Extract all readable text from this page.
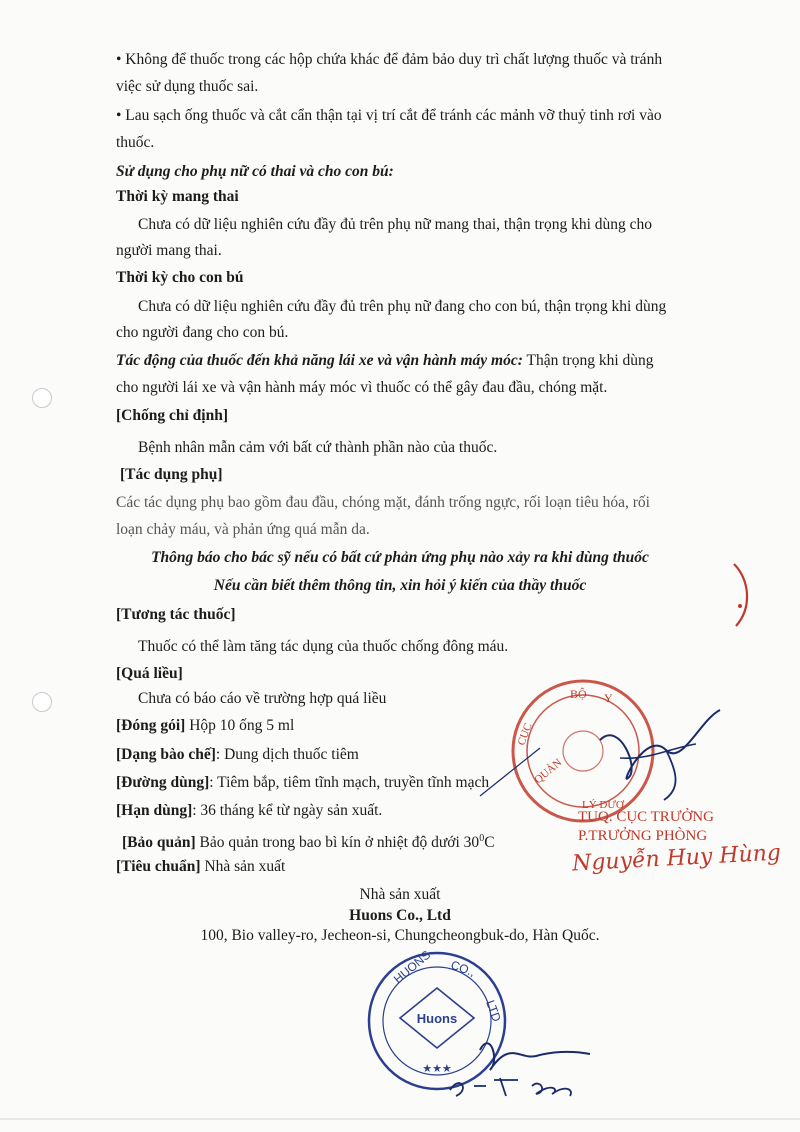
• Không để thuốc trong các hộp chứa khác để đảm bảo duy trì chất lượng thuốc và tránh
việc sử dụng thuốc sai.
• Lau sạch ống thuốc và cắt cẩn thận tại vị trí cắt để tránh các mảnh vỡ thuỷ tinh rơi vào
thuốc.
Sử dụng cho phụ nữ có thai và cho con bú:
Thời kỳ mang thai
Chưa có dữ liệu nghiên cứu đầy đủ trên phụ nữ mang thai, thận trọng khi dùng cho
người mang thai.
Thời kỳ cho con bú
Chưa có dữ liệu nghiên cứu đầy đủ trên phụ nữ đang cho con bú, thận trọng khi dùng
cho người đang cho con bú.
Tác động của thuốc đến khả năng lái xe và vận hành máy móc: Thận trọng khi dùng
cho người lái xe và vận hành máy móc vì thuốc có thể gây đau đầu, chóng mặt.
[Chống chỉ định]
Bệnh nhân mẫn cảm với bất cứ thành phần nào của thuốc.
[Tác dụng phụ]
Các tác dụng phụ bao gồm đau đầu, chóng mặt, đánh trống ngực, rối loạn tiêu hóa, rối
loạn chảy máu, và phản ứng quá mẫn da.
Thông báo cho bác sỹ nếu có bất cứ phản ứng phụ nào xảy ra khi dùng thuốc
Nếu cần biết thêm thông tin, xin hỏi ý kiến của thầy thuốc
[Tương tác thuốc]
Thuốc có thể làm tăng tác dụng của thuốc chống đông máu.
[Quá liều]
Chưa có báo cáo về trường hợp quá liều
[Đóng gói] Hộp 10 ống 5 ml
[Dạng bào chế]: Dung dịch thuốc tiêm
[Đường dùng]: Tiêm bắp, tiêm tĩnh mạch, truyền tĩnh mạch
[Hạn dùng]: 36 tháng kể từ ngày sản xuất.
[Bảo quản] Bảo quản trong bao bì kín ở nhiệt độ dưới $30^0C$
[Tiêu chuẩn] Nhà sản xuất
Nhà sản xuất
Huons Co., Ltd
100, Bio valley-ro, Jecheon-si, Chungcheongbuk-do, Hàn Quốc.
BỘ Y
CỤC
QUẢN
LÝ DƯỢ
TUQ. CỤC TRƯỞNG
P.TRƯỞNG PHÒNG
Nguyễn Huy Hùng
HUONS CO.,
LTD
Huons
★★★
